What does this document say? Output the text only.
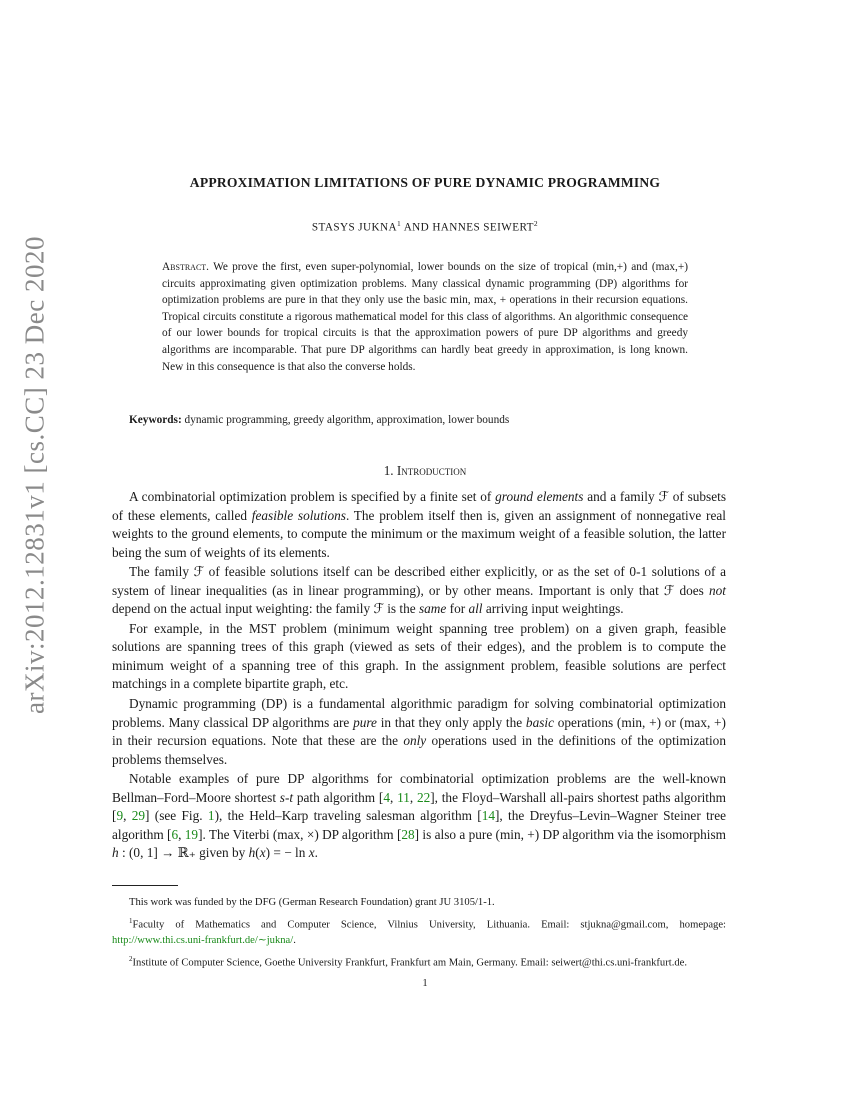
arXiv:2012.12831v1 [cs.CC] 23 Dec 2020
APPROXIMATION LIMITATIONS OF PURE DYNAMIC PROGRAMMING
STASYS JUKNA$^1$ AND HANNES SEIWERT$^2$
Abstract. We prove the first, even super-polynomial, lower bounds on the size of tropical (min,+) and (max,+) circuits approximating given optimization problems. Many classical dynamic programming (DP) algorithms for optimization problems are pure in that they only use the basic min, max, + operations in their recursion equations. Tropical circuits constitute a rigorous mathematical model for this class of algorithms. An algorithmic consequence of our lower bounds for tropical circuits is that the approximation powers of pure DP algorithms and greedy algorithms are incomparable. That pure DP algorithms can hardly beat greedy in approximation, is long known. New in this consequence is that also the converse holds.
Keywords: dynamic programming, greedy algorithm, approximation, lower bounds
1. Introduction

A combinatorial optimization problem is specified by a finite set of ground elements and a family ℱ of subsets of these elements, called feasible solutions. The problem itself then is, given an assignment of nonnegative real weights to the ground elements, to compute the minimum or the maximum weight of a feasible solution, the latter being the sum of weights of its elements.

The family ℱ of feasible solutions itself can be described either explicitly, or as the set of 0-1 solutions of a system of linear inequalities (as in linear programming), or by other means. Important is only that ℱ does not depend on the actual input weighting: the family ℱ is the same for all arriving input weightings.

For example, in the MST problem (minimum weight spanning tree problem) on a given graph, feasible solutions are spanning trees of this graph (viewed as sets of their edges), and the problem is to compute the minimum weight of a spanning tree of this graph. In the assignment problem, feasible solutions are perfect matchings in a complete bipartite graph, etc.

Dynamic programming (DP) is a fundamental algorithmic paradigm for solving combinatorial optimization problems. Many classical DP algorithms are pure in that they only apply the basic operations (min, +) or (max, +) in their recursion equations. Note that these are the only operations used in the definitions of the optimization problems themselves.

Notable examples of pure DP algorithms for combinatorial optimization problems are the well-known Bellman–Ford–Moore shortest s-t path algorithm [4, 11, 22], the Floyd–Warshall all-pairs shortest paths algorithm [9, 29] (see Fig. 1), the Held–Karp traveling salesman algorithm [14], the Dreyfus–Levin–Wagner Steiner tree algorithm [6, 19]. The Viterbi (max, ×) DP algorithm [28] is also a pure (min, +) DP algorithm via the isomorphism h : (0, 1] → ℝ₊ given by h(x) = − ln x.

This work was funded by the DFG (German Research Foundation) grant JU 3105/1-1.

$^1$Faculty of Mathematics and Computer Science, Vilnius University, Lithuania. Email: stjukna@gmail.com, homepage: http://www.thi.cs.uni-frankfurt.de/∼jukna/.

$^2$Institute of Computer Science, Goethe University Frankfurt, Frankfurt am Main, Germany. Email: seiwert@thi.cs.uni-frankfurt.de.

1
